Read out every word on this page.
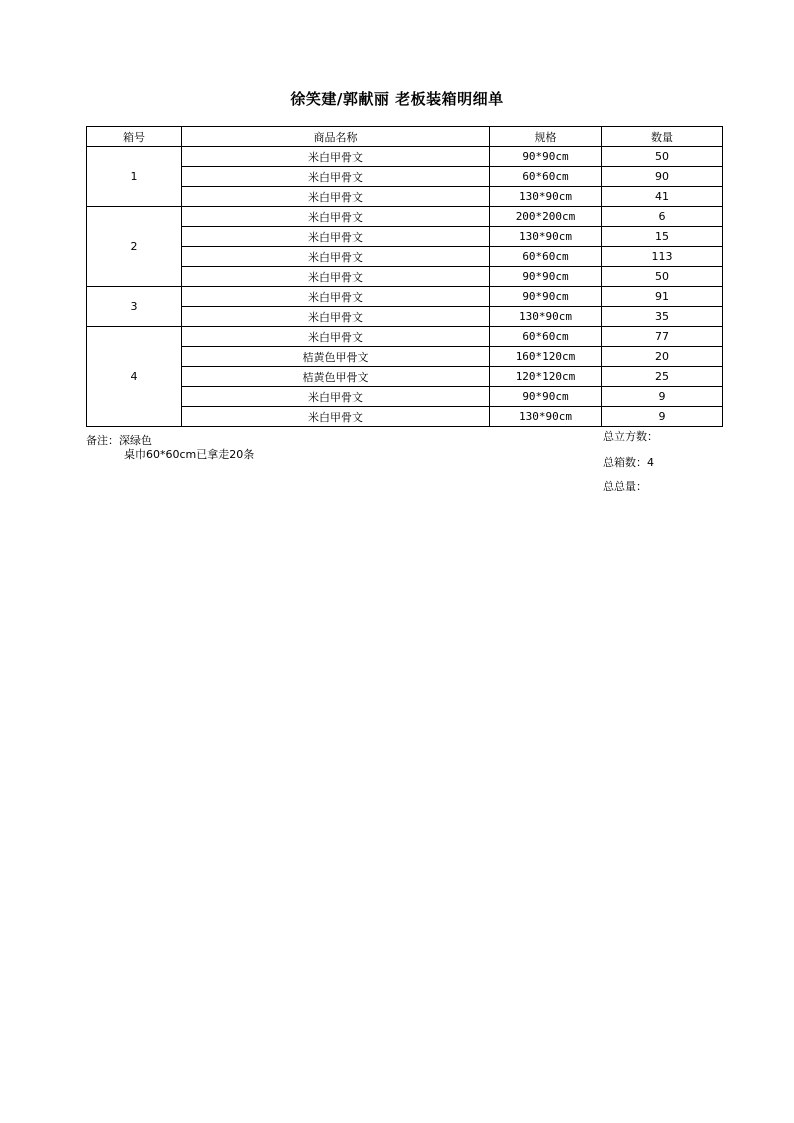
徐笑建/郭献丽 老板装箱明细单
箱号	商品名称	规格	数量
1	米白甲骨文	90*90cm	50
	米白甲骨文	60*60cm	90
	米白甲骨文	130*90cm	41
2	米白甲骨文	200*200cm	6
	米白甲骨文	130*90cm	15
	米白甲骨文	60*60cm	113
	米白甲骨文	90*90cm	50
3	米白甲骨文	90*90cm	91
	米白甲骨文	130*90cm	35
4	米白甲骨文	60*60cm	77
	桔黄色甲骨文	160*120cm	20
	桔黄色甲骨文	120*120cm	25
	米白甲骨文	90*90cm	9
	米白甲骨文	130*90cm	9
备注：深绿色
桌巾60*60cm已拿走20条
总立方数：
总箱数：4
总总量：
